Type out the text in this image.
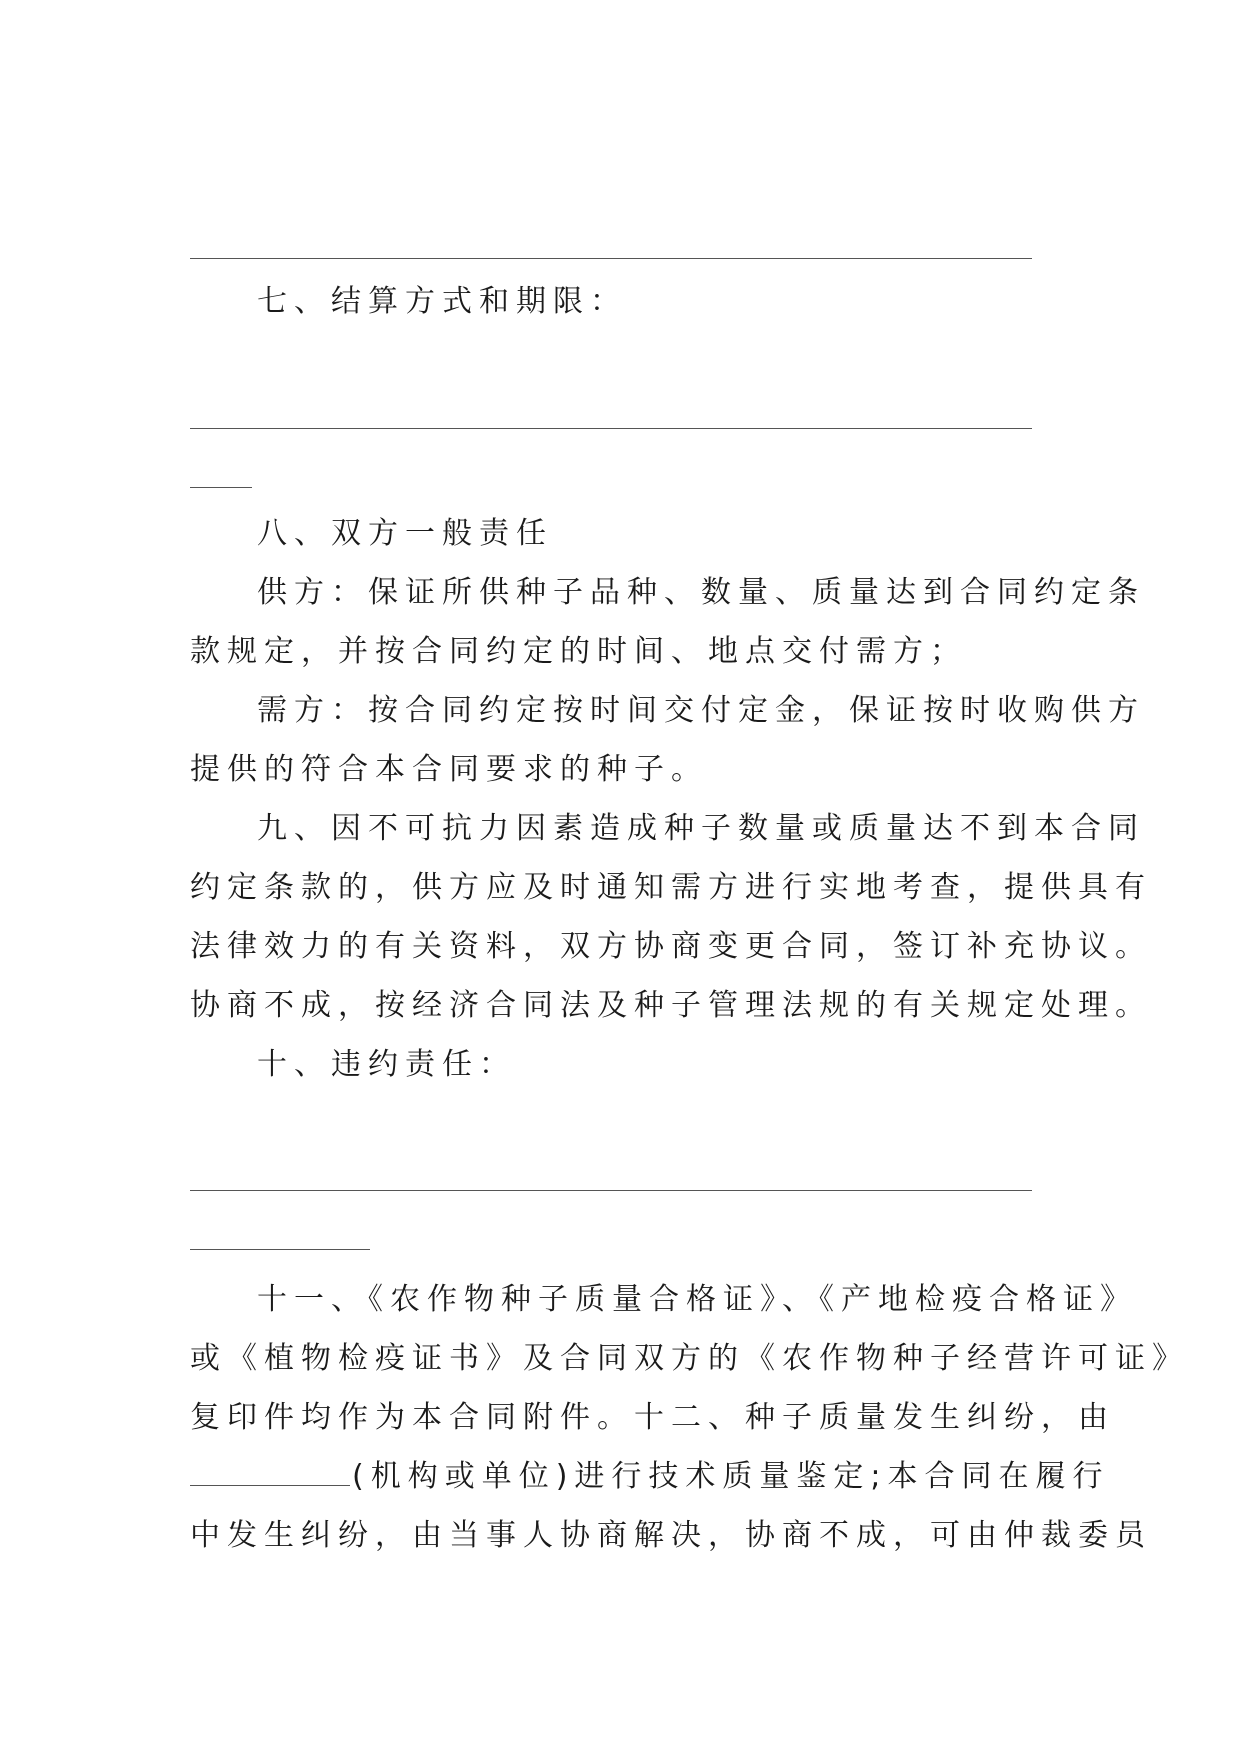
七、结算方式和期限：
八、双方一般责任
供方：保证所供种子品种、数量、质量达到合同约定条
款规定，并按合同约定的时间、地点交付需方；
需方：按合同约定按时间交付定金，保证按时收购供方
提供的符合本合同要求的种子。
九、因不可抗力因素造成种子数量或质量达不到本合同
约定条款的，供方应及时通知需方进行实地考查，提供具有
法律效力的有关资料，双方协商变更合同，签订补充协议。
协商不成，按经济合同法及种子管理法规的有关规定处理。
十、违约责任：
十一、《农作物种子质量合格证》、《产地检疫合格证》
或《植物检疫证书》及合同双方的《农作物种子经营许可证》
复印件均作为本合同附件。十二、种子质量发生纠纷，由
(机构或单位)进行技术质量鉴定;本合同在履行
中发生纠纷，由当事人协商解决，协商不成，可由仲裁委员
